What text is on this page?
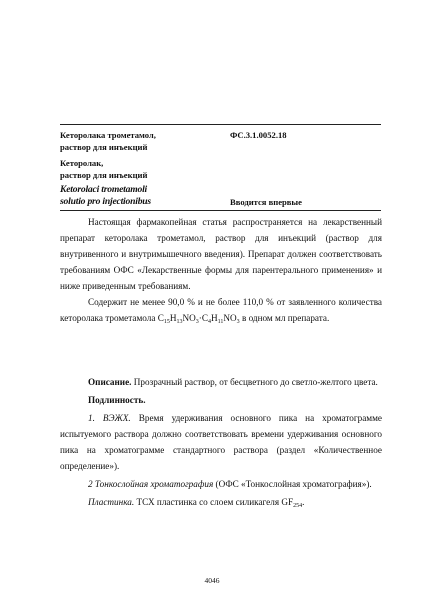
Кеторолака трометамол,
раствор для инъекций
ФС.3.1.0052.18
Кеторолак,
раствор для инъекций
Ketorolaci trometamoli
solutio pro injectionibus	Вводится впервые

Настоящая фармакопейная статья распространяется на лекарственный препарат кеторолака трометамол, раствор для инъекций (раствор для внутривенного и внутримышечного введения). Препарат должен соответствовать требованиям ОФС «Лекарственные формы для парентерального применения» и ниже приведенным требованиям.

Содержит не менее 90,0 % и не более 110,0 % от заявленного количества кеторолака трометамола $C_{15}H_{13}NO_3\cdot C_4H_{11}NO_3$ в одном мл препарата.

Описание. Прозрачный раствор, от бесцветного до светло-желтого цвета.

Подлинность.

1. ВЭЖХ. Время удерживания основного пика на хроматограмме испытуемого раствора должно соответствовать времени удерживания основного пика на хроматограмме стандартного раствора (раздел «Количественное определение»).

2 Тонкослойная хроматография (ОФС «Тонкослойная хроматография»).

Пластинка. ТСХ пластинка со слоем силикагеля $GF_{254}$.

4046
